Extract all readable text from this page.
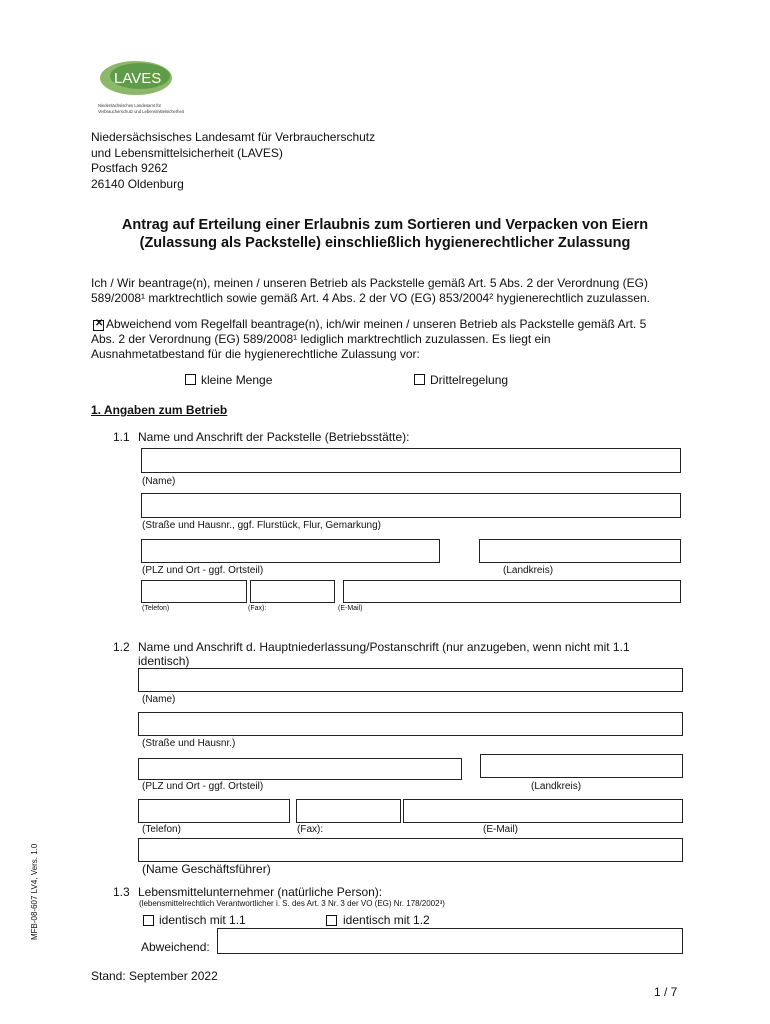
LAVES
Niedersächsisches Landesamt für
Verbraucherschutz und Lebensmittelsicherheit
Niedersächsisches Landesamt für Verbraucherschutz
und Lebensmittelsicherheit (LAVES)
Postfach 9262
26140 Oldenburg
Antrag auf Erteilung einer Erlaubnis zum Sortieren und Verpacken von Eiern
(Zulassung als Packstelle) einschließlich hygienerechtlicher Zulassung
Ich / Wir beantrage(n), meinen / unseren Betrieb als Packstelle gemäß Art. 5 Abs. 2 der Verordnung (EG)
589/2008¹ marktrechtlich sowie gemäß Art. 4 Abs. 2 der VO (EG) 853/2004² hygienerechtlich zuzulassen.
✕
Abweichend vom Regelfall beantrage(n), ich/wir meinen / unseren Betrieb als Packstelle gemäß Art. 5
Abs. 2 der Verordnung (EG) 589/2008¹ lediglich marktrechtlich zuzulassen. Es liegt ein
Ausnahmetatbestand für die hygienerechtliche Zulassung vor:
kleine Menge	Drittelregelung
1. Angaben zum Betrieb
1.1 Name und Anschrift der Packstelle (Betriebsstätte):
(Name)
(Straße und Hausnr., ggf. Flurstück, Flur, Gemarkung)
(PLZ und Ort - ggf. Ortsteil)	(Landkreis)
(Telefon)	(Fax):	(E-Mail)
1.2 Name und Anschrift d. Hauptniederlassung/Postanschrift (nur anzugeben, wenn nicht mit 1.1
identisch)
(Name)
(Straße und Hausnr.)
(PLZ und Ort - ggf. Ortsteil)	(Landkreis)
(Telefon)	(Fax):	(E-Mail)
(Name Geschäftsführer)
1.3 Lebensmittelunternehmer (natürliche Person):
(lebensmittelrechtlich Verantwortlicher i. S. des Art. 3 Nr. 3 der VO (EG) Nr. 178/2002³)
identisch mit 1.1	identisch mit 1.2
Abweichend:
Stand: September 2022
1 / 7
MFB-08-607 LV4, Vers. 1.0
